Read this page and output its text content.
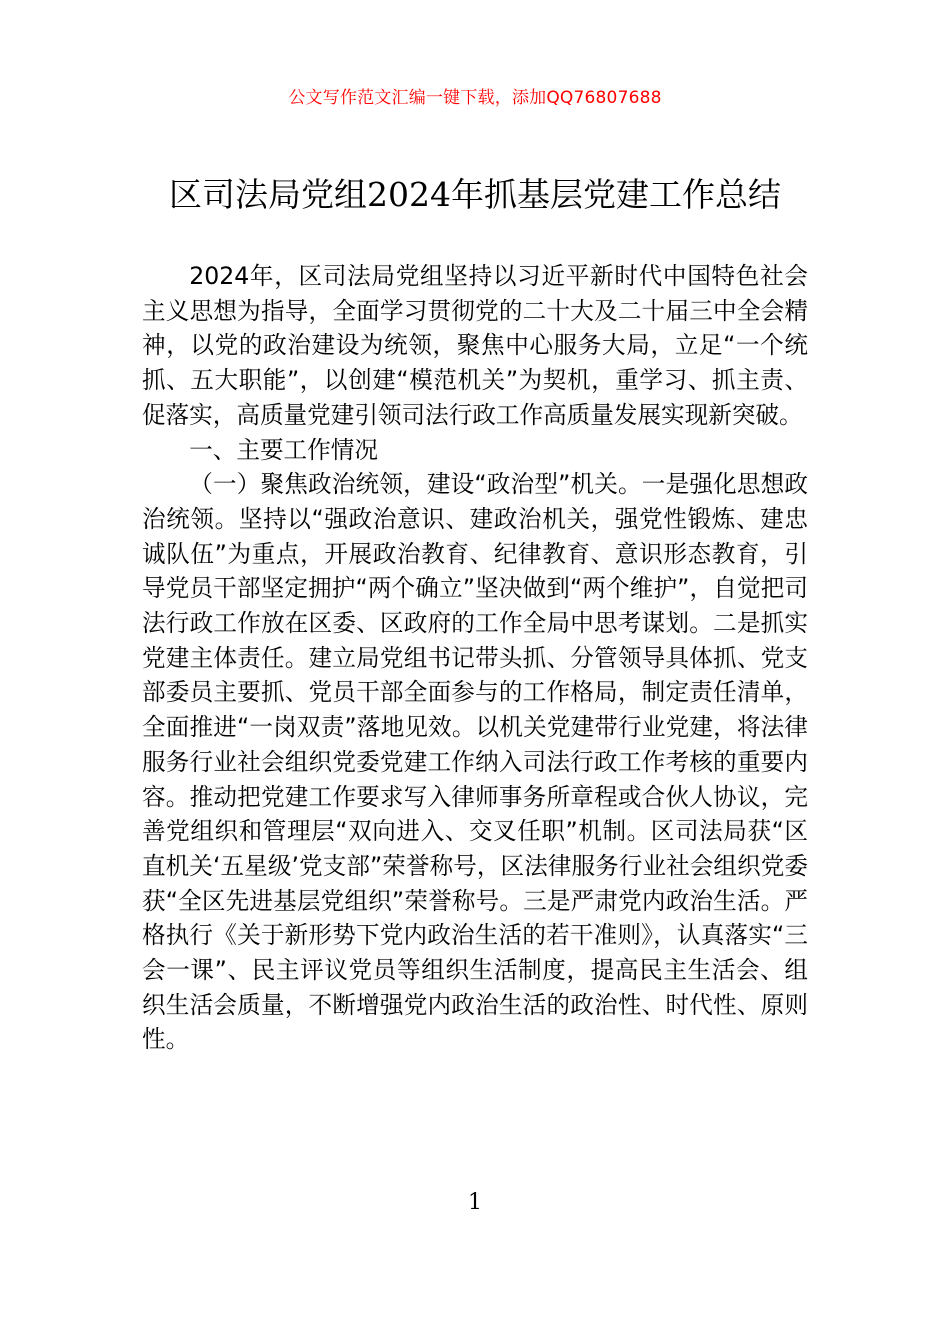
公文写作范文汇编一键下载，添加QQ76807688
区司法局党组2024年抓基层党建工作总结

2024年，区司法局党组坚持以习近平新时代中国特色社会主义思想为指导，全面学习贯彻党的二十大及二十届三中全会精神，以党的政治建设为统领，聚焦中心服务大局，立足“一个统抓、五大职能”，以创建“模范机关”为契机，重学习、抓主责、促落实，高质量党建引领司法行政工作高质量发展实现新突破。

一、主要工作情况

（一）聚焦政治统领，建设“政治型”机关。一是强化思想政治统领。坚持以“强政治意识、建政治机关，强党性锻炼、建忠诚队伍”为重点，开展政治教育、纪律教育、意识形态教育，引导党员干部坚定拥护“两个确立”坚决做到“两个维护”，自觉把司法行政工作放在区委、区政府的工作全局中思考谋划。二是抓实党建主体责任。建立局党组书记带头抓、分管领导具体抓、党支部委员主要抓、党员干部全面参与的工作格局，制定责任清单，全面推进“一岗双责”落地见效。以机关党建带行业党建，将法律服务行业社会组织党委党建工作纳入司法行政工作考核的重要内容。推动把党建工作要求写入律师事务所章程或合伙人协议，完善党组织和管理层“双向进入、交叉任职”机制。区司法局获“区直机关‘五星级’党支部”荣誉称号，区法律服务行业社会组织党委获“全区先进基层党组织”荣誉称号。三是严肃党内政治生活。严格执行《关于新形势下党内政治生活的若干准则》，认真落实“三会一课”、民主评议党员等组织生活制度，提高民主生活会、组织生活会质量，不断增强党内政治生活的政治性、时代性、原则性。

1
